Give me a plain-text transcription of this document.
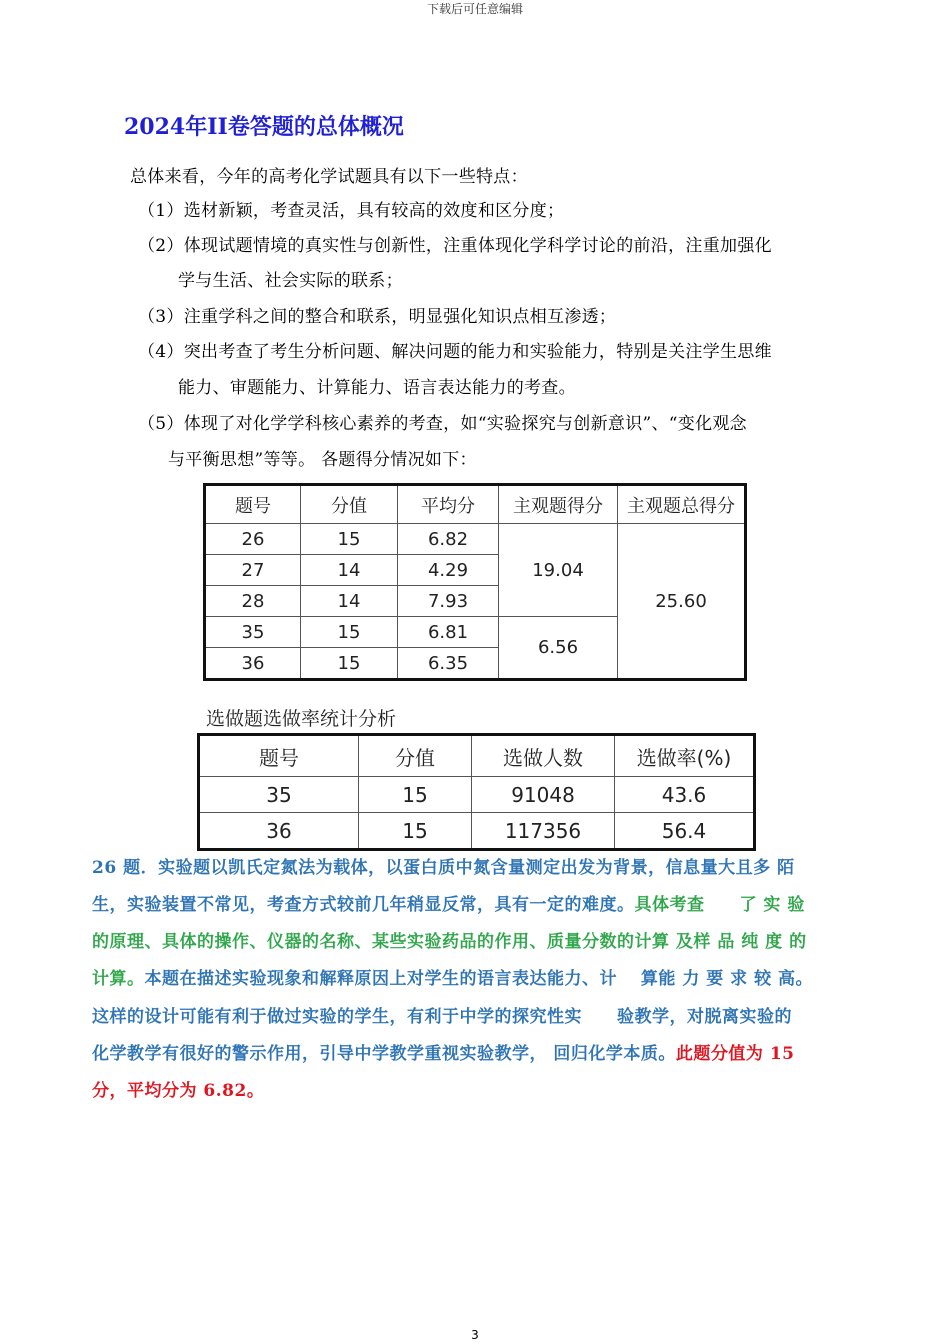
下载后可任意编辑
2024年II卷答题的总体概况
总体来看，今年的高考化学试题具有以下一些特点：
（1）选材新颖，考查灵活，具有较高的效度和区分度；
（2）体现试题情境的真实性与创新性，注重体现化学科学讨论的前沿，注重加强化
学与生活、社会实际的联系；
（3）注重学科之间的整合和联系，明显强化知识点相互渗透；
（4）突出考查了考生分析问题、解决问题的能力和实验能力，特别是关注学生思维
能力、审题能力、计算能力、语言表达能力的考查。
（5）体现了对化学学科核心素养的考查，如“实验探究与创新意识”、“变化观念
与平衡思想”等等。 各题得分情况如下：
题号	分值	平均分	主观题得分	主观题总得分
26	15	6.82	19.04	25.60
27	14	4.29		
28	14	7.93		
35	15	6.81	6.56	
36	15	6.35		
选做题选做率统计分析
题号	分值	选做人数	选做率(%)
35	15	91048	43.6
36	15	117356	56.4
26 题．实验题以凯氏定氮法为载体，以蛋白质中氮含量测定出发为背景，信息量大且多 陌
生，实验装置不常见，考查方式较前几年稍显反常，具有一定的难度。具体考查　　了 实 验
的原理、具体的操作、仪器的名称、某些实验药品的作用、质量分数的计算 及样 品 纯 度 的
计算。本题在描述实验现象和解释原因上对学生的语言表达能力、计　 算能 力 要 求 较 高。
这样的设计可能有利于做过实验的学生，有利于中学的探究性实　　验教学，对脱离实验的
化学教学有很好的警示作用，引导中学教学重视实验教学， 回归化学本质。此题分值为 15
分，平均分为 6.82。
3
